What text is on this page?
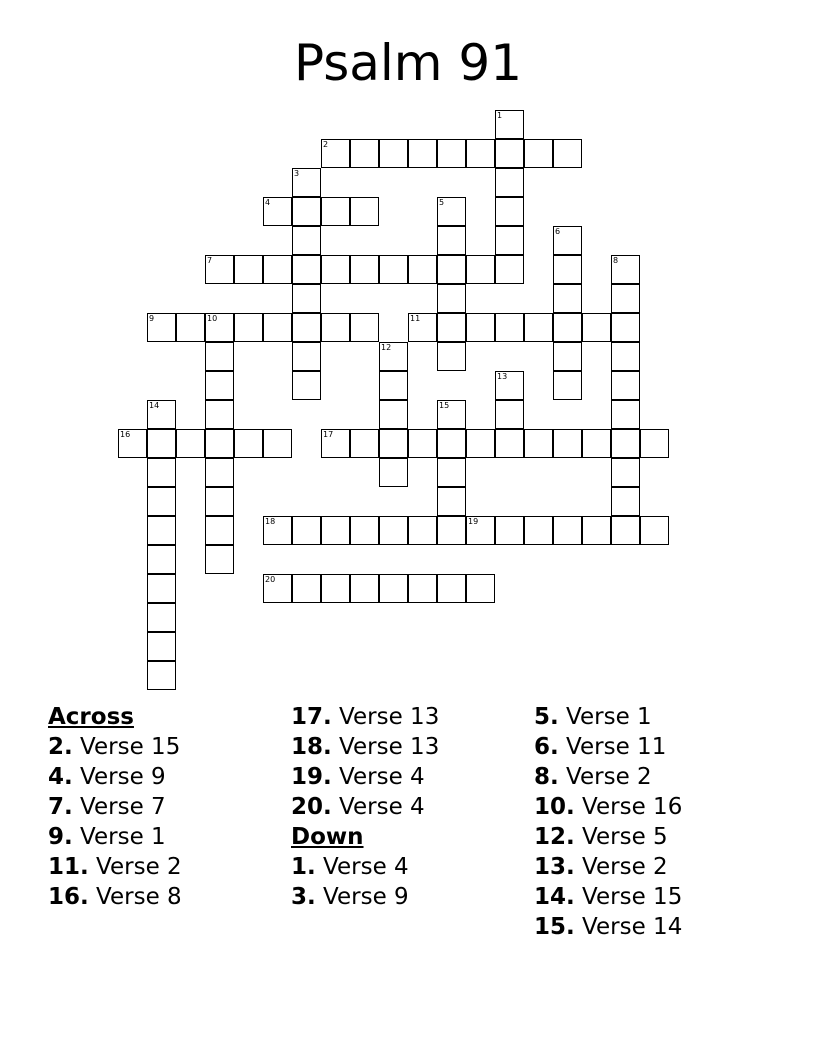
Psalm 91
1
2
3
4	5
6
7	8
9	10	11
12
13
14	15
16	17
18	19
20
Across
2. Verse 15
4. Verse 9
7. Verse 7
9. Verse 1
11. Verse 2
16. Verse 8
17. Verse 13
18. Verse 13
19. Verse 4
20. Verse 4
Down
1. Verse 4
3. Verse 9
5. Verse 1
6. Verse 11
8. Verse 2
10. Verse 16
12. Verse 5
13. Verse 2
14. Verse 15
15. Verse 14
